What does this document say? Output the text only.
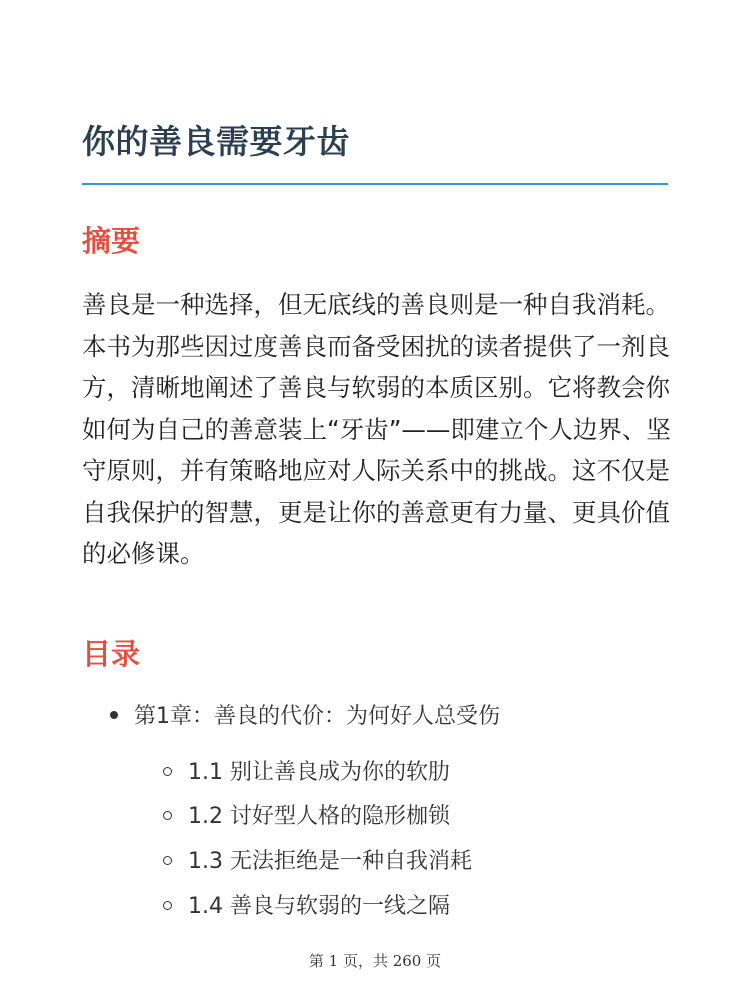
你的善良需要牙齿
摘要

善良是一种选择，但无底线的善良则是一种自我消耗。本书为那些因过度善良而备受困扰的读者提供了一剂良方，清晰地阐述了善良与软弱的本质区别。它将教会你如何为自己的善意装上“牙齿”——即建立个人边界、坚守原则，并有策略地应对人际关系中的挑战。这不仅是自我保护的智慧，更是让你的善意更有力量、更具价值的必修课。

目录
第1章：善良的代价：为何好人总受伤
1.1 别让善良成为你的软肋
1.2 讨好型人格的隐形枷锁
1.3 无法拒绝是一种自我消耗
1.4 善良与软弱的一线之隔
第 1 页，共 260 页
